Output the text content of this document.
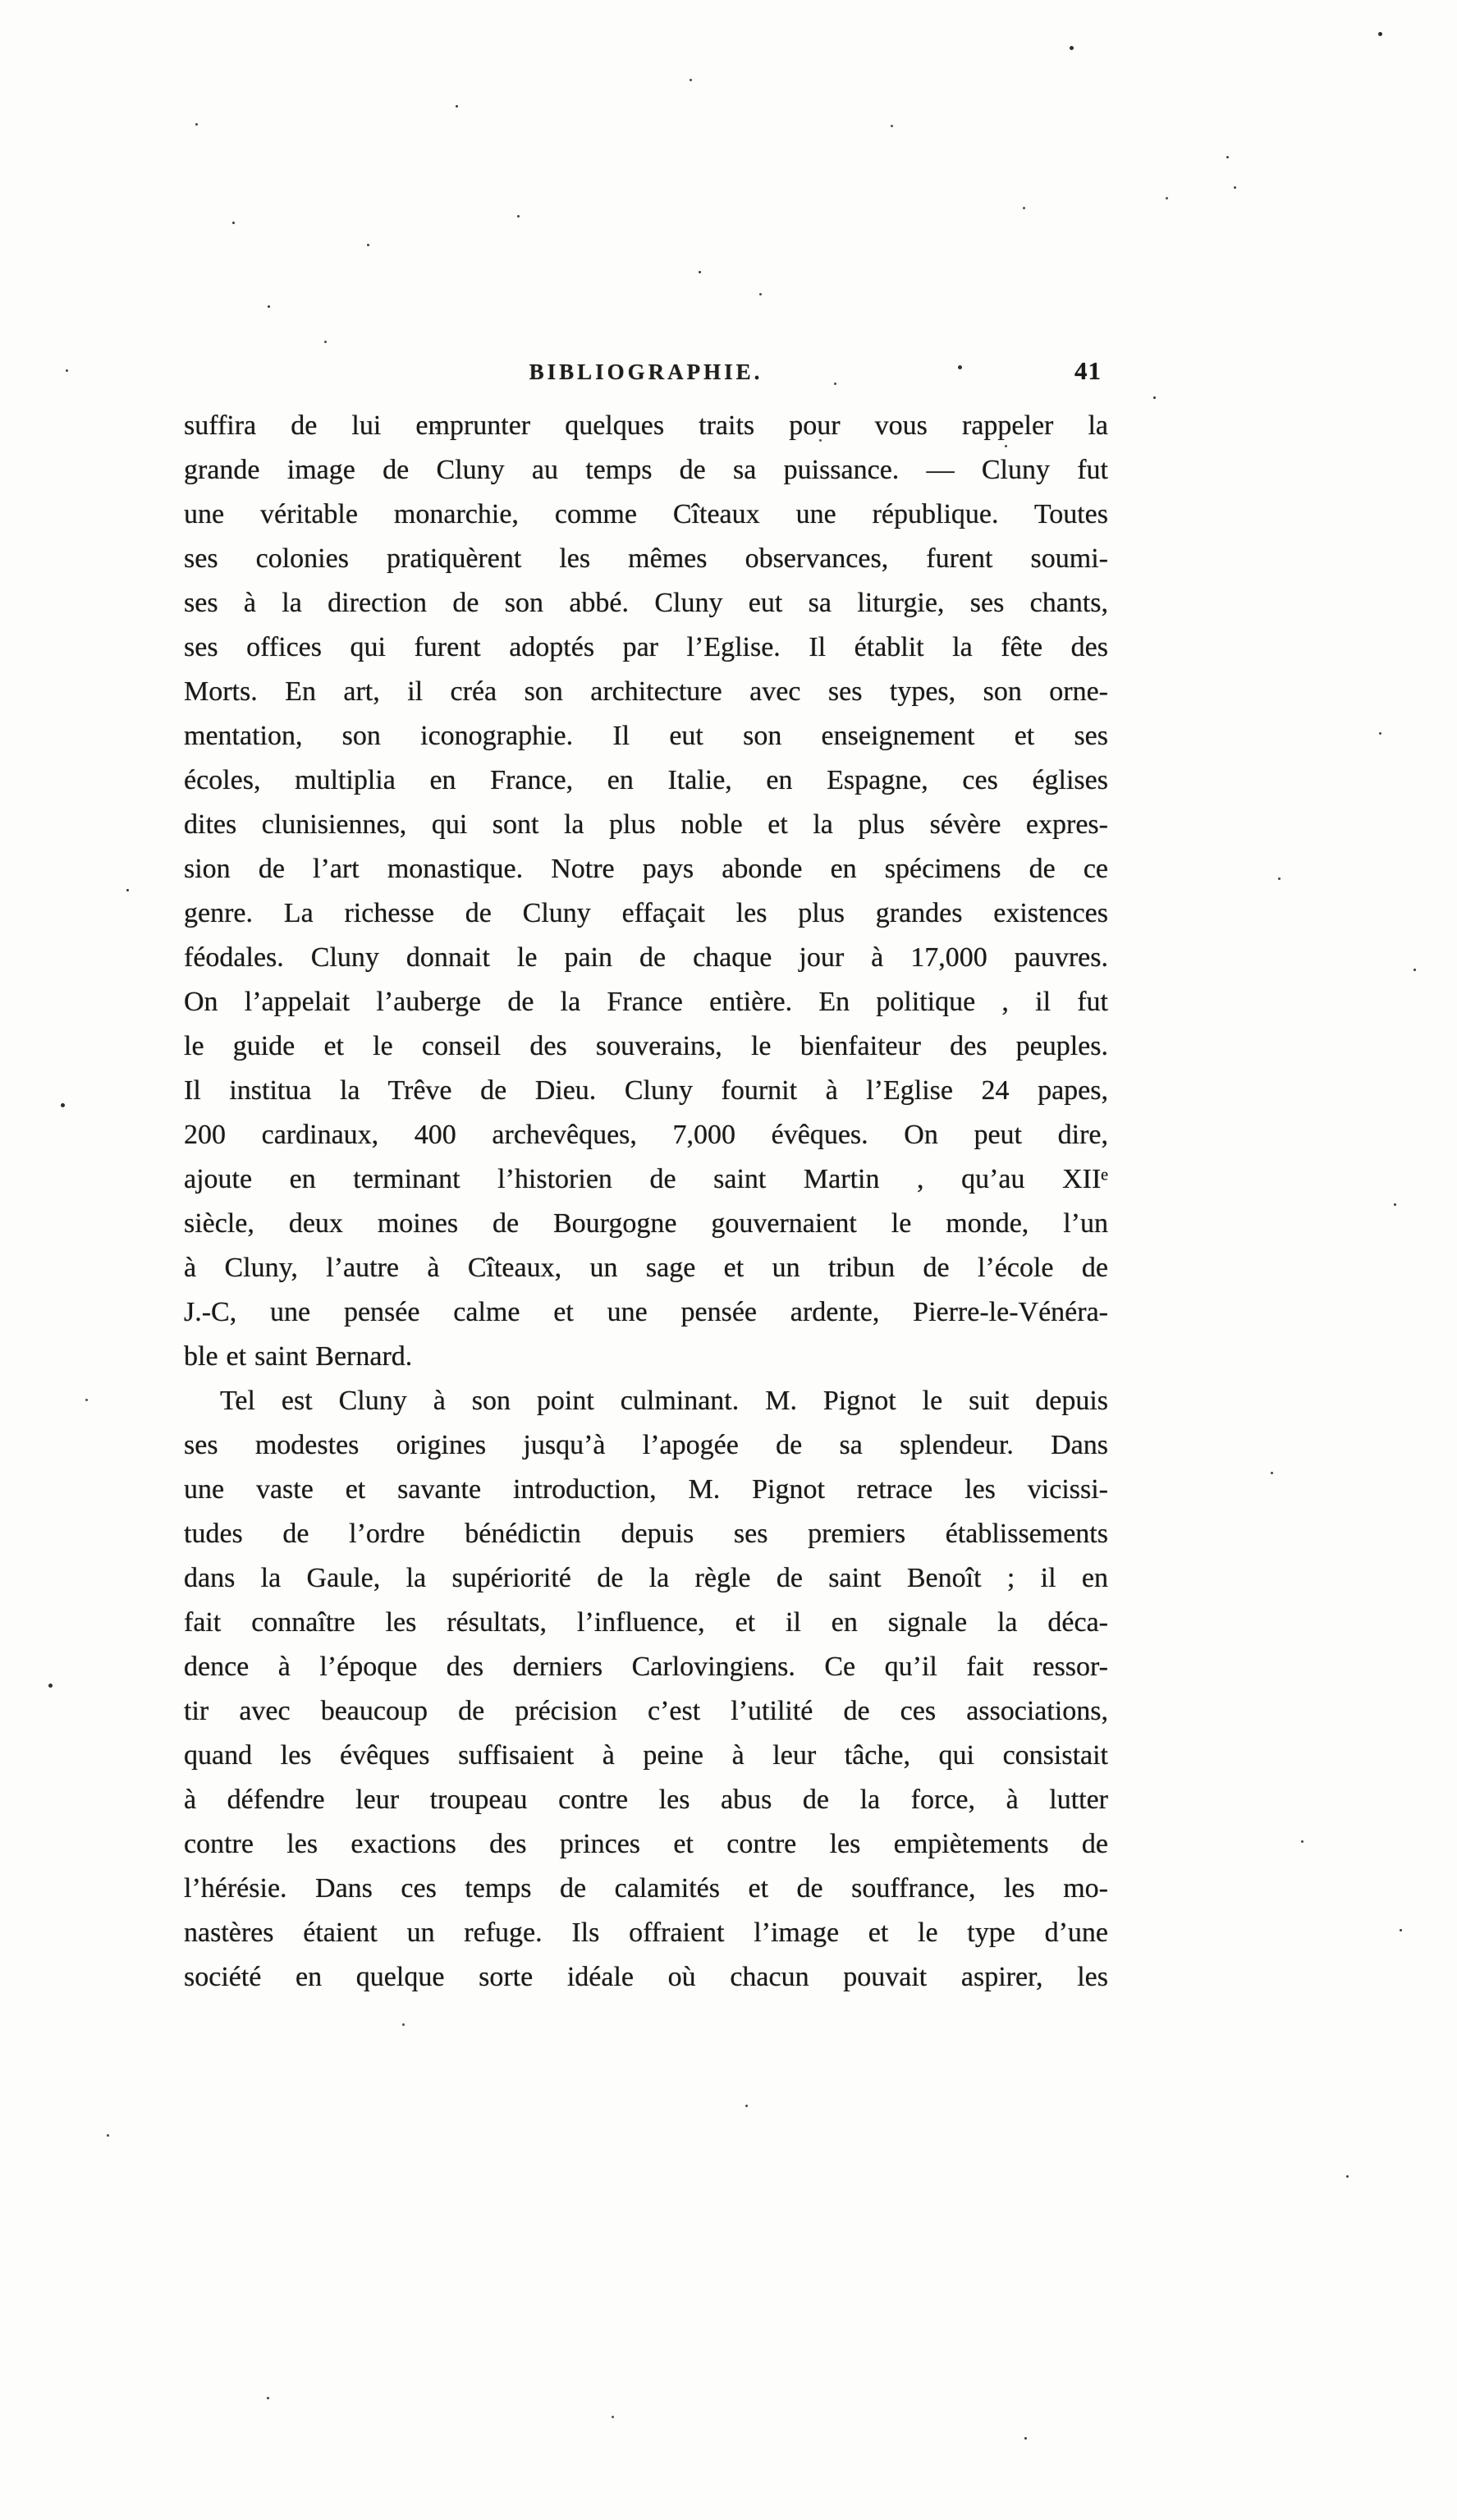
BIBLIOGRAPHIE.	41
suffira de lui emprunter quelques traits pour vous rappeler la
grande image de Cluny au temps de sa puissance. — Cluny fut
une véritable monarchie, comme Cîteaux une république. Toutes
ses colonies pratiquèrent les mêmes observances, furent soumi-
ses à la direction de son abbé. Cluny eut sa liturgie, ses chants,
ses offices qui furent adoptés par l’Eglise. Il établit la fête des
Morts. En art, il créa son architecture avec ses types, son orne-
mentation, son iconographie. Il eut son enseignement et ses
écoles, multiplia en France, en Italie, en Espagne, ces églises
dites clunisiennes, qui sont la plus noble et la plus sévère expres-
sion de l’art monastique. Notre pays abonde en spécimens de ce
genre. La richesse de Cluny effaçait les plus grandes existences
féodales. Cluny donnait le pain de chaque jour à 17,000 pauvres.
On l’appelait l’auberge de la France entière. En politique , il fut
le guide et le conseil des souverains, le bienfaiteur des peuples.
Il institua la Trêve de Dieu. Cluny fournit à l’Eglise 24 papes,
200 cardinaux, 400 archevêques, 7,000 évêques. On peut dire,
ajoute en terminant l’historien de saint Martin , qu’au XIIᵉ
siècle, deux moines de Bourgogne gouvernaient le monde, l’un
à Cluny, l’autre à Cîteaux, un sage et un tribun de l’école de
J.-C, une pensée calme et une pensée ardente, Pierre-le-Vénéra-
ble et saint Bernard.
Tel est Cluny à son point culminant. M. Pignot le suit depuis
ses modestes origines jusqu’à l’apogée de sa splendeur. Dans
une vaste et savante introduction, M. Pignot retrace les vicissi-
tudes de l’ordre bénédictin depuis ses premiers établissements
dans la Gaule, la supériorité de la règle de saint Benoît ; il en
fait connaître les résultats, l’influence, et il en signale la déca-
dence à l’époque des derniers Carlovingiens. Ce qu’il fait ressor-
tir avec beaucoup de précision c’est l’utilité de ces associations,
quand les évêques suffisaient à peine à leur tâche, qui consistait
à défendre leur troupeau contre les abus de la force, à lutter
contre les exactions des princes et contre les empiètements de
l’hérésie. Dans ces temps de calamités et de souffrance, les mo-
nastères étaient un refuge. Ils offraient l’image et le type d’une
société en quelque sorte idéale où chacun pouvait aspirer, les
